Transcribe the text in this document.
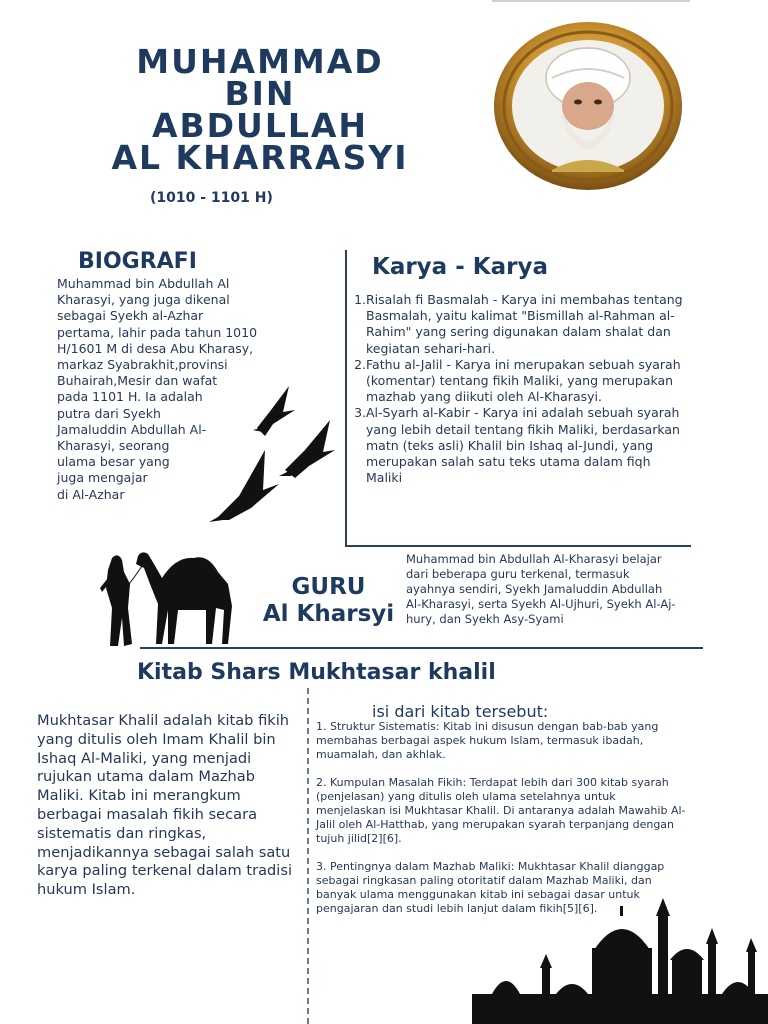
MUHAMMAD
BIN
ABDULLAH
AL KHARRASYI
(1010 - 1101 H)
BIOGRAFI
Muhammad bin Abdullah Al
Kharasyi, yang juga dikenal
sebagai Syekh al-Azhar
pertama, lahir pada tahun 1010
H/1601 M di desa Abu Kharasy,
markaz Syabrakhit,provinsi
Buhairah,Mesir dan wafat
pada 1101 H. Ia adalah
putra dari Syekh
Jamaluddin Abdullah Al-
Kharasyi, seorang
ulama besar yang
juga mengajar
di Al-Azhar
Karya - Karya
1. Risalah fi Basmalah - Karya ini membahas tentang Basmalah, yaitu kalimat "Bismillah al-Rahman al-Rahim" yang sering digunakan dalam shalat dan kegiatan sehari-hari.
2. Fathu al-Jalil - Karya ini merupakan sebuah syarah (komentar) tentang fikih Maliki, yang merupakan mazhab yang diikuti oleh Al-Kharasyi.
3. Al-Syarh al-Kabir - Karya ini adalah sebuah syarah yang lebih detail tentang fikih Maliki, berdasarkan matn (teks asli) Khalil bin Ishaq al-Jundi, yang merupakan salah satu teks utama dalam fiqh Maliki
GURU
Al Kharsyi
Muhammad bin Abdullah Al-Kharasyi belajar dari beberapa guru terkenal, termasuk ayahnya sendiri, Syekh Jamaluddin Abdullah Al-Kharasyi, serta Syekh Al-Ujhuri, Syekh Al-Aj-hury, dan Syekh Asy-Syami
Kitab Shars Mukhtasar khalil
Mukhtasar Khalil adalah kitab fikih yang ditulis oleh Imam Khalil bin Ishaq Al-Maliki, yang menjadi rujukan utama dalam Mazhab Maliki. Kitab ini merangkum berbagai masalah fikih secara sistematis dan ringkas, menjadikannya sebagai salah satu karya paling terkenal dalam tradisi hukum Islam.
isi dari kitab tersebut:

1. Struktur Sistematis: Kitab ini disusun dengan bab-bab yang membahas berbagai aspek hukum Islam, termasuk ibadah, muamalah, dan akhlak.

2. Kumpulan Masalah Fikih: Terdapat lebih dari 300 kitab syarah (penjelasan) yang ditulis oleh ulama setelahnya untuk menjelaskan isi Mukhtasar Khalil. Di antaranya adalah Mawahib Al-Jalil oleh Al-Hatthab, yang merupakan syarah terpanjang dengan tujuh jilid[2][6].

3. Pentingnya dalam Mazhab Maliki: Mukhtasar Khalil dianggap sebagai ringkasan paling otoritatif dalam Mazhab Maliki, dan banyak ulama menggunakan kitab ini sebagai dasar untuk pengajaran dan studi lebih lanjut dalam fikih[5][6].
